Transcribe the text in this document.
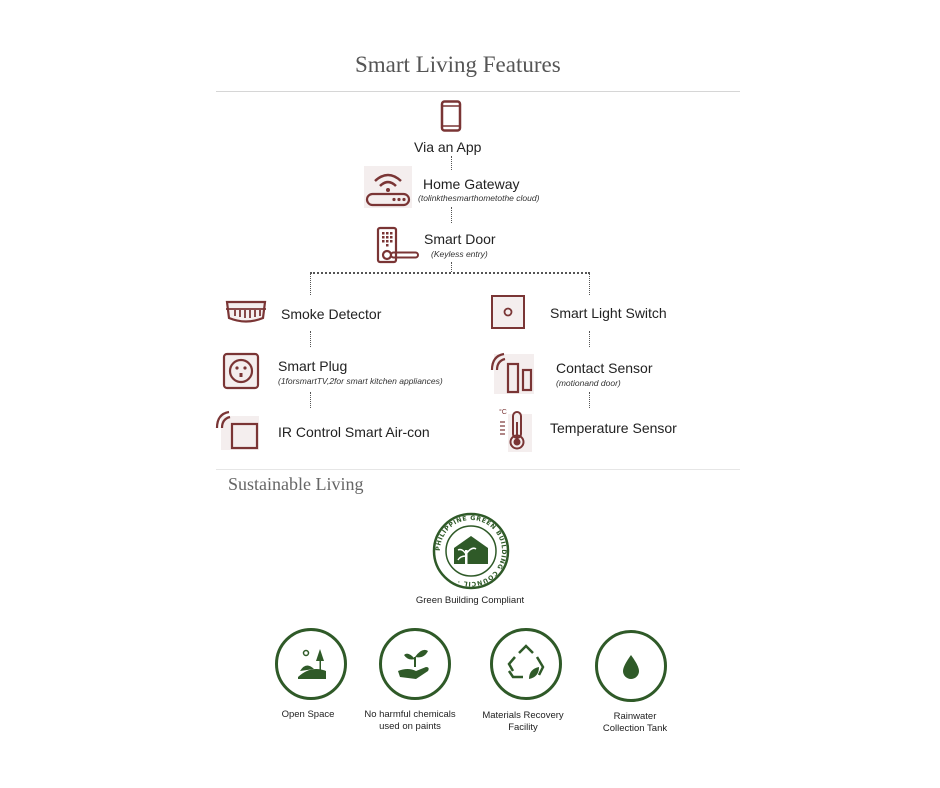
Smart Living Features
Via an App
Home Gateway
(tolinkthesmarthometothe cloud)
Smart Door
(Keyless entry)
Smoke Detector
Smart Plug
(1forsmartTV,2for smart kitchen appliances)
IR Control Smart Air-con
Smart Light Switch
Contact Sensor
(motionand door)
°C
Temperature Sensor
Sustainable Living
PHILIPPINE GREEN BUILDING COUNCIL ·
Green Building Compliant
Open Space	No harmful chemicals
used on paints
Materials Recovery
Facility
Rainwater
Collection Tank
